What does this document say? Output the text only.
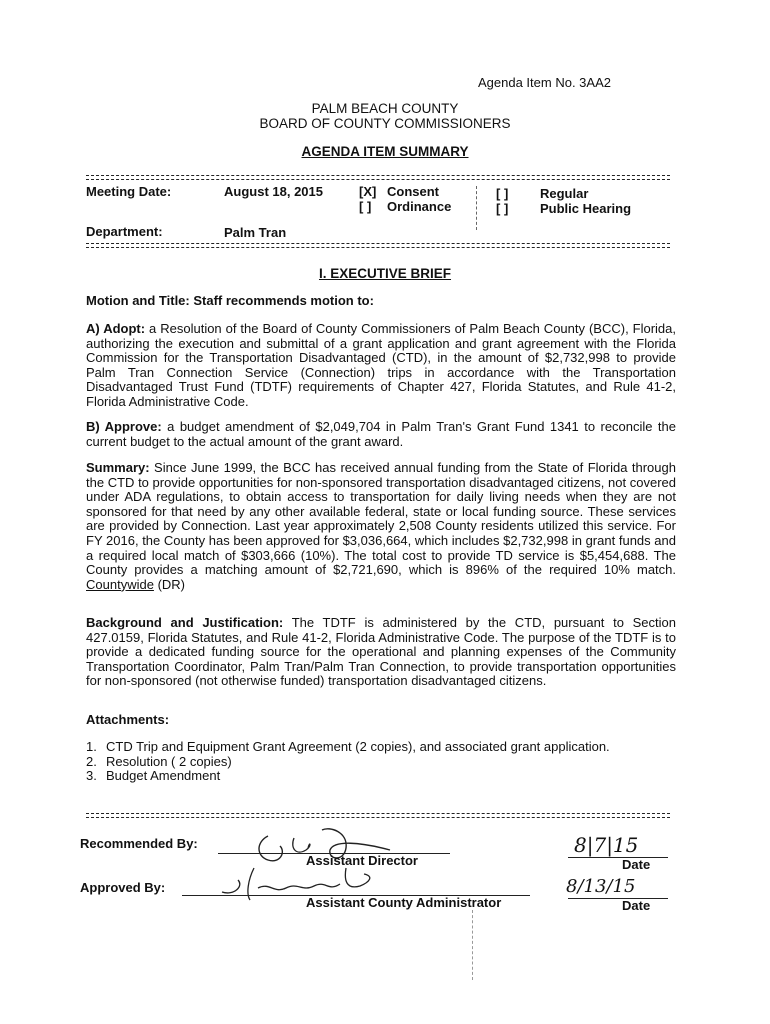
Agenda Item No. 3AA2
PALM BEACH COUNTY
BOARD OF COUNTY COMMISSIONERS
AGENDA ITEM SUMMARY
Meeting Date:	August 18, 2015	[X] Consent
[ ] Ordinance
[ ] Regular
[ ] Public Hearing
Department:	Palm Tran
I. EXECUTIVE BRIEF
Motion and Title: Staff recommends motion to:
A) Adopt: a Resolution of the Board of County Commissioners of Palm Beach County (BCC), Florida, authorizing the execution and submittal of a grant application and grant agreement with the Florida Commission for the Transportation Disadvantaged (CTD), in the amount of $2,732,998 to provide Palm Tran Connection Service (Connection) trips in accordance with the Transportation Disadvantaged Trust Fund (TDTF) requirements of Chapter 427, Florida Statutes, and Rule 41-2, Florida Administrative Code.
B) Approve: a budget amendment of $2,049,704 in Palm Tran's Grant Fund 1341 to reconcile the current budget to the actual amount of the grant award.
Summary: Since June 1999, the BCC has received annual funding from the State of Florida through the CTD to provide opportunities for non-sponsored transportation disadvantaged citizens, not covered under ADA regulations, to obtain access to transportation for daily living needs when they are not sponsored for that need by any other available federal, state or local funding source. These services are provided by Connection. Last year approximately 2,508 County residents utilized this service. For FY 2016, the County has been approved for $3,036,664, which includes $2,732,998 in grant funds and a required local match of $303,666 (10%). The total cost to provide TD service is $5,454,688. The County provides a matching amount of $2,721,690, which is 896% of the required 10% match. Countywide (DR)
Background and Justification: The TDTF is administered by the CTD, pursuant to Section 427.0159, Florida Statutes, and Rule 41-2, Florida Administrative Code. The purpose of the TDTF is to provide a dedicated funding source for the operational and planning expenses of the Community Transportation Coordinator, Palm Tran/Palm Tran Connection, to provide transportation opportunities for non-sponsored (not otherwise funded) transportation disadvantaged citizens.
Attachments:
1. CTD Trip and Equipment Grant Agreement (2 copies), and associated grant application.
2. Resolution ( 2 copies)
3. Budget Amendment
Recommended By:
Assistant Director
8|7|15
Date
Approved By:
Assistant County Administrator
8/13/15
Date
